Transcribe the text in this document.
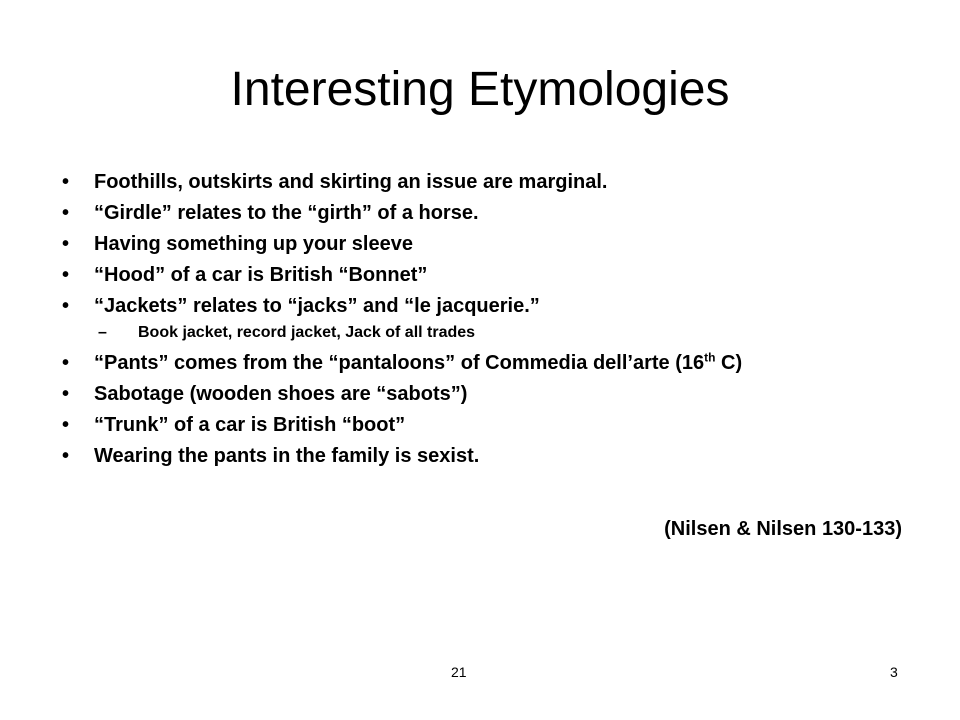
Interesting Etymologies
• Foothills, outskirts and skirting an issue are marginal.
• “Girdle” relates to the “girth” of a horse.
• Having something up your sleeve
• “Hood” of a car is British “Bonnet”
• “Jackets” relates to “jacks” and “le jacquerie.”
– Book jacket, record jacket, Jack of all trades
• “Pants” comes from the “pantaloons” of Commedia dell’arte (16th C)
• Sabotage (wooden shoes are “sabots”)
• “Trunk” of a car is British “boot”
• Wearing the pants in the family is sexist.
(Nilsen & Nilsen 130-133)
21	3
